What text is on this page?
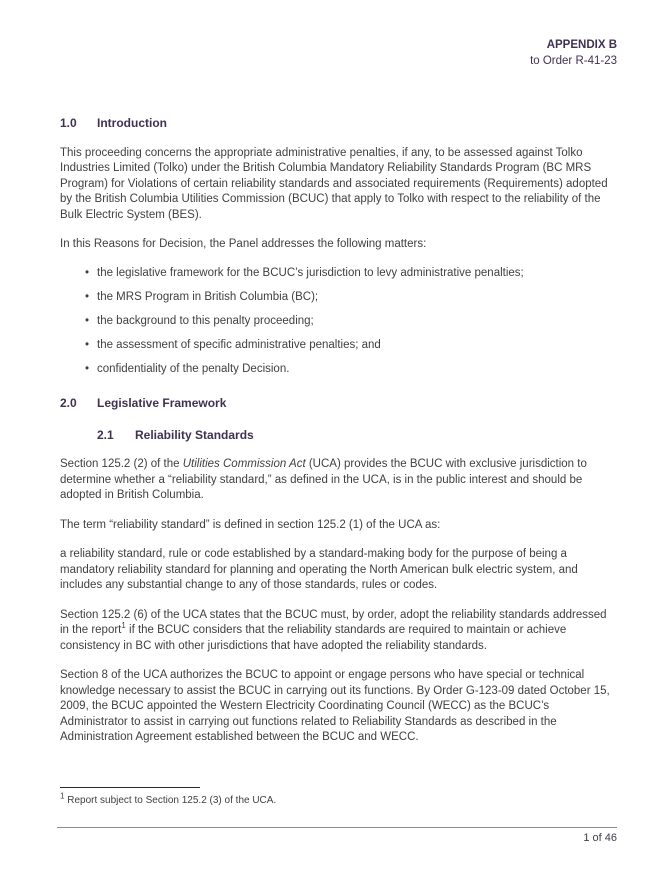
APPENDIX B
to Order R-41-23
1.0	Introduction

This proceeding concerns the appropriate administrative penalties, if any, to be assessed against Tolko Industries Limited (Tolko) under the British Columbia Mandatory Reliability Standards Program (BC MRS Program) for Violations of certain reliability standards and associated requirements (Requirements) adopted by the British Columbia Utilities Commission (BCUC) that apply to Tolko with respect to the reliability of the Bulk Electric System (BES).

In this Reasons for Decision, the Panel addresses the following matters:

• the legislative framework for the BCUC’s jurisdiction to levy administrative penalties;
• the MRS Program in British Columbia (BC);
• the background to this penalty proceeding;
• the assessment of specific administrative penalties; and
• confidentiality of the penalty Decision.
2.0	Legislative Framework
2.1	Reliability Standards

Section 125.2 (2) of the Utilities Commission Act (UCA) provides the BCUC with exclusive jurisdiction to determine whether a “reliability standard,” as defined in the UCA, is in the public interest and should be adopted in British Columbia.

The term “reliability standard” is defined in section 125.2 (1) of the UCA as:

a reliability standard, rule or code established by a standard-making body for the purpose of being a mandatory reliability standard for planning and operating the North American bulk electric system, and includes any substantial change to any of those standards, rules or codes.

Section 125.2 (6) of the UCA states that the BCUC must, by order, adopt the reliability standards addressed in the report$^1$ if the BCUC considers that the reliability standards are required to maintain or achieve consistency in BC with other jurisdictions that have adopted the reliability standards.

Section 8 of the UCA authorizes the BCUC to appoint or engage persons who have special or technical knowledge necessary to assist the BCUC in carrying out its functions. By Order G-123-09 dated October 15, 2009, the BCUC appointed the Western Electricity Coordinating Council (WECC) as the BCUC’s Administrator to assist in carrying out functions related to Reliability Standards as described in the Administration Agreement established between the BCUC and WECC.

$^1$ Report subject to Section 125.2 (3) of the UCA.
1 of 46
